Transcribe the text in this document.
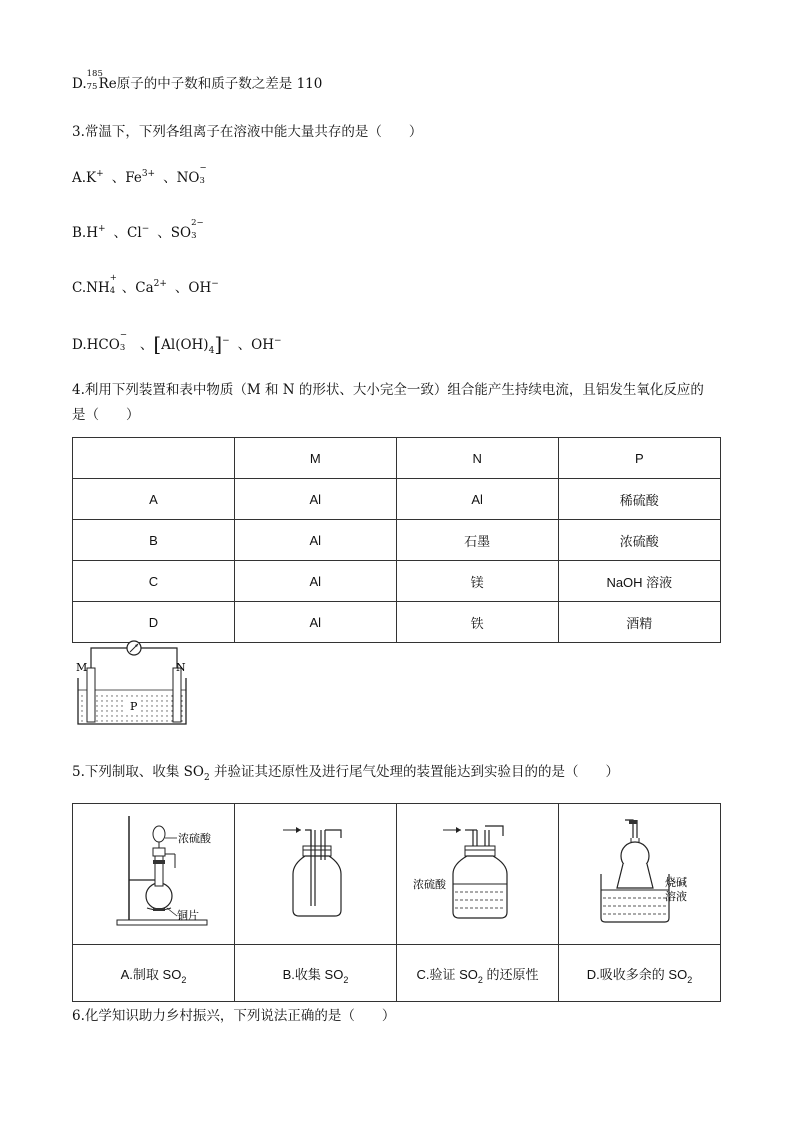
D.
185
75 Re原子的中子数和质子数之差是 110
3.常温下，下列各组离子在溶液中能大量共存的是（　　）
A.K+ 、$Fe^{3+}$ 、NO
−
3
B.H+ 、Cl− 、SO
2−
3
C.NH
+
4 、$Ca^{2+}$ 、OH−
D.HCO
−
3 、$[Al(OH)_4]^-$ 、OH−
4.利用下列装置和表中物质（M 和 N 的形状、大小完全一致）组合能产生持续电流，且铝发生氧化反应的
是（　　）
	M	N	P
A	Al	Al	稀硫酸
B	Al	石墨	浓硫酸
C	Al	镁	NaOH 溶液
D	Al	铁	酒精
M	N
P
5.下列制取、收集 $SO_2$ 并验证其还原性及进行尾气处理的装置能达到实验目的的是（　　）
浓硫酸
铜片		浓硫酸	烧碱
溶液

A.制取 $SO_2$	B.收集 $SO_2$	C.验证 $SO_2$ 的还原性	D.吸收多余的 $SO_2$
6.化学知识助力乡村振兴，下列说法正确的是（　　）
